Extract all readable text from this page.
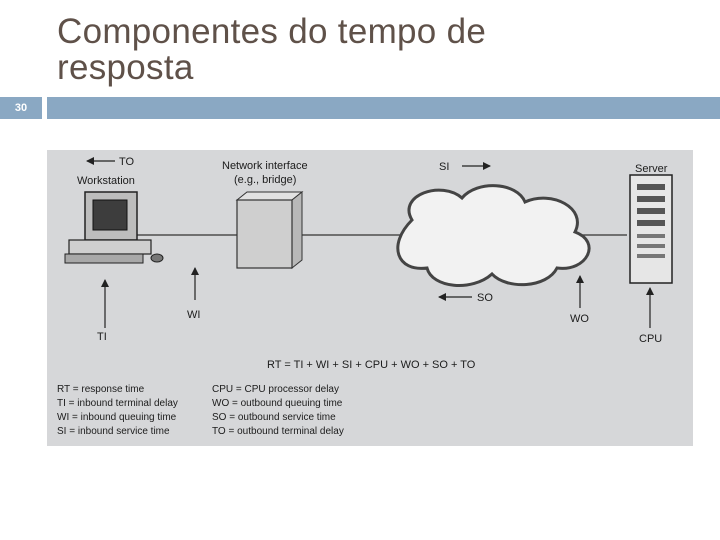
Componentes do tempo de resposta
30
TO
Workstation
Network interface
(e.g., bridge)
SI	Server
SO
WI	WO
TI	CPU
RT = TI + WI + SI + CPU + WO + SO + TO
RT = response time
TI = inbound terminal delay
WI = inbound queuing time
SI = inbound service time
CPU = CPU processor delay
WO = outbound queuing time
SO = outbound service time
TO = outbound terminal delay
